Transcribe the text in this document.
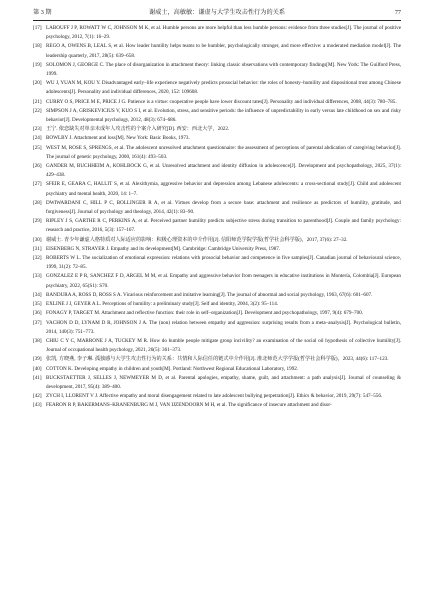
第 3 期	谢威士，高敏敏：谦虚与大学生攻击性行为的关系	77
[17] LABOUFF J P, ROWATT W C, JOHNSON M K, et al. Humble persons are more helpful than less humble persons: evidence from three studies[J]. The journal of positive psychology, 2012, 7(1): 16–29.
[18] REGO A, OWENS B, LEAL S, et al. How leader humility helps teams to be humbler, psychologically stronger, and more effective: a moderated mediation model[J]. The leadership quarterly, 2017, 28(5): 639–658.
[19] SOLOMON J, GEORGE C. The place of disorganization in attachment theory: linking classic observations with contemporary findings[M]. New York: The Guilford Press, 1999.
[20] WU J, YUAN M, KOU Y. Disadvantaged early–life experience negatively predicts prosocial behavior: the roles of honesty–humility and dispositional trust among Chinese adolescents[J]. Personality and individual differences, 2020, 152: 109608.
[21] CURRY O S, PRICE M E, PRICE J G. Patience is a virtue: cooperative people have lower discount rates[J]. Personality and individual differences, 2008, 44(3): 780–785.
[22] SIMPSON J A, GRISKEVICIUS V, KUO S I, et al. Evolution, stress, and sensitive periods: the influence of unpredictability in early versus late childhood on sex and risky behavior[J]. Developmental psychology, 2012, 48(3): 674–686.
[23] 王宁. 依恋缺失对单亲未成年人攻击性的个案介入研究[D]. 西安：西北大学，2022.
[24] BOWLBY J. Attachment and loss[M]. New York: Basic Books, 1973.
[25] WEST M, ROSE S, SPRENGS, et al. The adolescent unresolved attachment questionnaire: the assessment of perceptions of parental abdication of caregiving behavior[J]. The journal of genetic psychology, 2000, 161(4): 493–503.
[26] GANDER M, BUCHHEIM A, KOHLBOCK G, et al. Unresolved attachment and identity diffusion in adolescence[J]. Development and psychopathology, 2025, 37(1): 429–438.
[27] SFEIR E, GEARA C, HALLIT S, et al. Alexithymia, aggressive behavior and depression among Lebanese adolescents: a cross-sectional study[J]. Child and adolescent psychiatry and mental health, 2020, 14: 1–7.
[28] DWIWARDANI C, HILL P C, BOLLINGER R A, et al. Virtues develop from a secure base: attachment and resilience as predictors of humility, gratitude, and forgiveness[J]. Journal of psychology and theology, 2014, 42(1): 83–90.
[29] RIPLEY J S, GARTHE R C, PERKINS A, et al. Perceived partner humility predicts subjective stress during transition to parenthood[J]. Couple and family psychology: research and practice, 2016, 5(3): 157–167.
[30] 谢威士. 青少年谦虚人格特质对人际适应的影响：积极心理资本的中介作用[J]. 信阳师范学院学报(哲学社会科学版)，2017, 37(6): 27–32.
[31] EISENBERG N, STRAYER J. Empathy and its development[M]. Cambridge: Cambridge University Press, 1987.
[32] ROBERTS W L. The socialization of emotional expression: relations with prosocial behavior and competence in five samples[J]. Canadian journal of behavioural science, 1999, 31(2): 72–85.
[33] GONZALEZ E P R, SANCHEZ F D, ARGEL M M, et al. Empathy and aggressive behavior from teenagers in educative institutions in Montería, Colombia[J]. European psychiatry, 2022, 65(S1): S70.
[34] BANDURA A, ROSS D, ROSS S A. Vicarious reinforcement and imitative learning[J]. The journal of abnormal and social psychology, 1963, 67(6): 601–607.
[35] EXLINE J J, GEYER A L. Perceptions of humility: a preliminary study[J]. Self and identity, 2004, 3(2): 95–114.
[36] FONAGY P, TARGET M. Attachment and reflective function: their role in self–organization[J]. Development and psychopathology, 1997, 9(4): 679–700.
[37] VACHON D D, LYNAM D R, JOHNSON J A. The (non) relation between empathy and aggression: surprising results from a meta–analysis[J]. Psychological bulletin, 2014, 140(3): 751–773.
[38] CHIU C Y C, MARRONE J A, TUCKEY M R. How do humble people mitigate group incivility? an examination of the social oil hypothesis of collective humility[J]. Journal of occupational health psychology, 2021, 26(5): 361–373.
[39] 张凯, 方晓燕, 李子琳. 孤独感与大学生攻击性行为的关系：共情和人际信任的链式中介作用[J]. 淮北师范大学学报(哲学社会科学版)，2023, 44(6): 117–123.
[40] COTTON K. Developing empathy in children and youth[M]. Portland: Northwest Regional Educational Laboratory, 1992.
[41] BUCKSTAETTER J, SELLES J, NEWMEYER M D, et al. Parental apologies, empathy, shame, guilt, and attachment: a path analysis[J]. Journal of counseling & development, 2017, 95(4): 389–400.
[42] ZYCH I, LLORENT V J. Affective empathy and moral disengagement related to late adolescent bullying perpetration[J]. Ethics & behavior, 2019, 29(7): 547–556.
[43] FEARON R P, BAKERMANS–KRANENBURG M J, VAN IJZENDOORN M H, et al. The significance of insecure attachment and disor-
